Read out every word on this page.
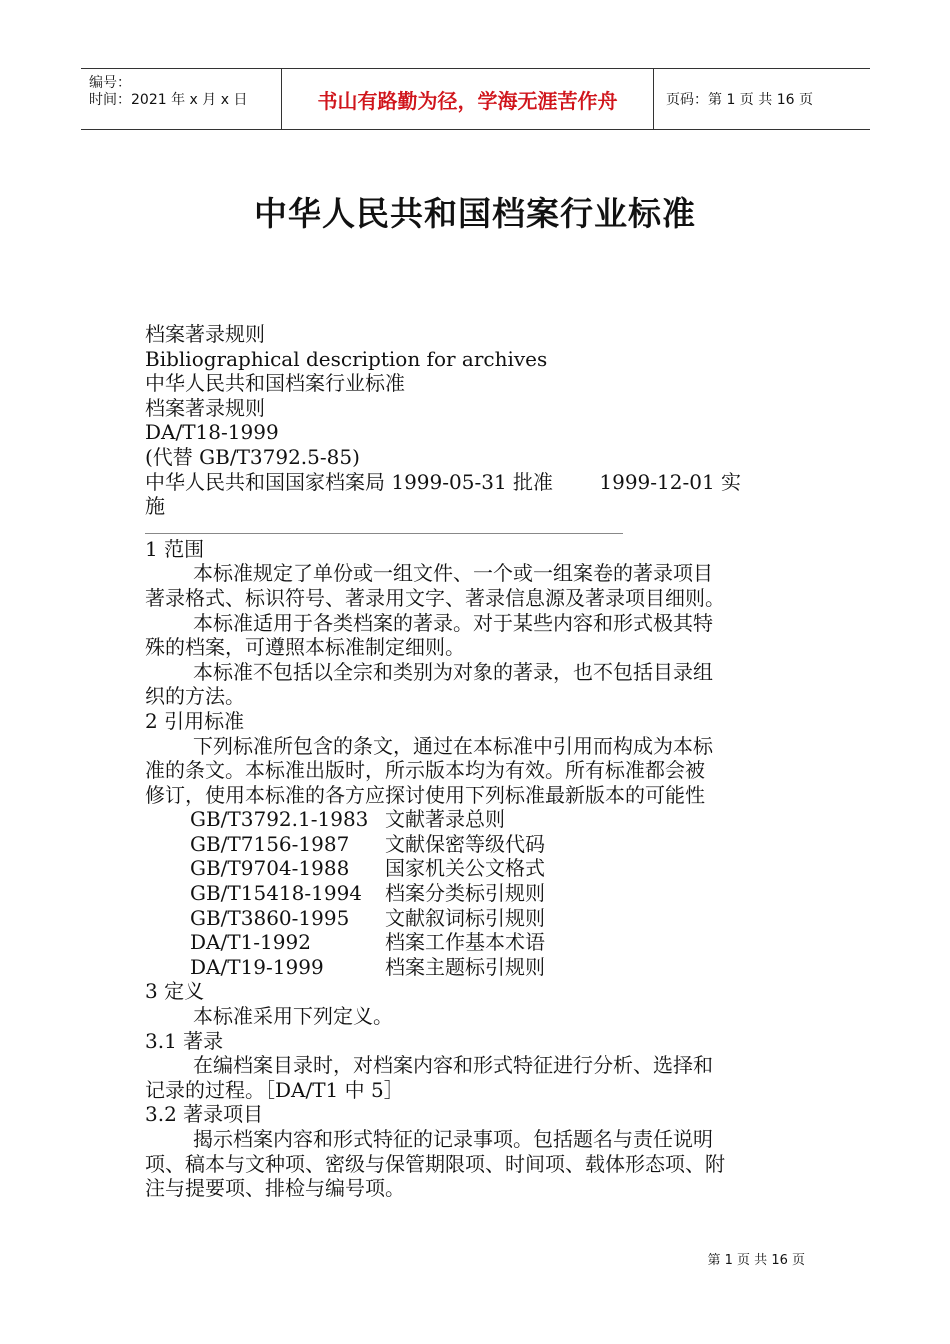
编号：
时间：2021 年 x 月 x 日	书山有路勤为径，学海无涯苦作舟	页码：第 1 页 共 16 页
中华人民共和国档案行业标准
档案著录规则
Bibliographical description for archives
中华人民共和国档案行业标准
档案著录规则
DA/T18-1999
(代替 GB/T3792.5-85)
中华人民共和国国家档案局 1999-05-31 批准　　 1999-12-01 实
施
1 范围
本标准规定了单份或一组文件、一个或一组案卷的著录项目
著录格式、标识符号、著录用文字、著录信息源及著录项目细则。
本标准适用于各类档案的著录。对于某些内容和形式极其特
殊的档案，可遵照本标准制定细则。
本标准不包括以全宗和类别为对象的著录，也不包括目录组
织的方法。
2 引用标准
下列标准所包含的条文，通过在本标准中引用而构成为本标
准的条文。本标准出版时，所示版本均为有效。所有标准都会被
修订，使用本标准的各方应探讨使用下列标准最新版本的可能性
GB/T3792.1-1983 文献著录总则
GB/T7156-1987 文献保密等级代码
GB/T9704-1988 国家机关公文格式
GB/T15418-1994 档案分类标引规则
GB/T3860-1995 文献叙词标引规则
DA/T1-1992	档案工作基本术语
DA/T19-1999	档案主题标引规则
3 定义
本标准采用下列定义。
3.1 著录
在编档案目录时，对档案内容和形式特征进行分析、选择和
记录的过程。［DA/T1 中 5］
3.2 著录项目
揭示档案内容和形式特征的记录事项。包括题名与责任说明
项、稿本与文种项、密级与保管期限项、时间项、载体形态项、附
注与提要项、排检与编号项。
第 1 页 共 16 页
